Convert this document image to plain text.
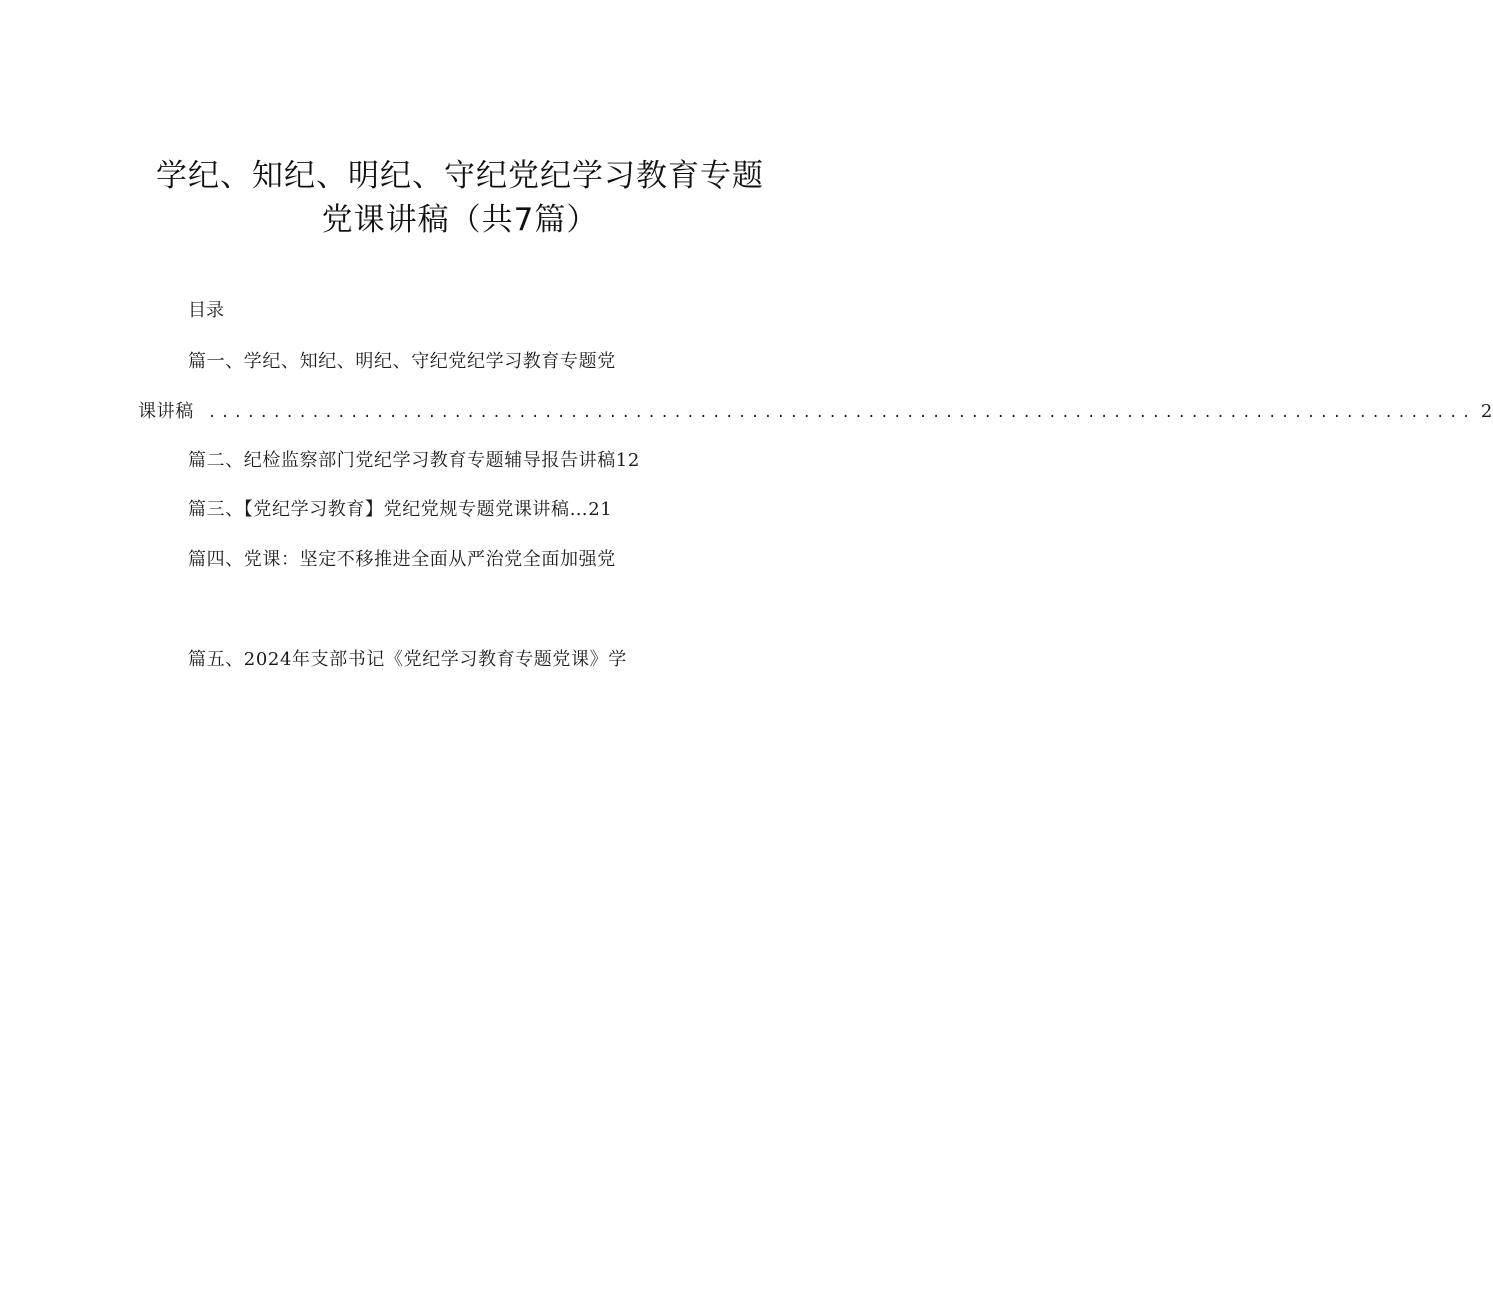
学纪、知纪、明纪、守纪党纪学习教育专题
党课讲稿（共7篇）
目录
篇一、学纪、知纪、明纪、守纪党纪学习教育专题党
课讲稿 .................................................................................................. 2
篇二、纪检监察部门党纪学习教育专题辅导报告讲稿12
篇三、【党纪学习教育】党纪党规专题党课讲稿…21
篇四、党课：坚定不移推进全面从严治党全面加强党
篇五、2024年支部书记《党纪学习教育专题党课》学
